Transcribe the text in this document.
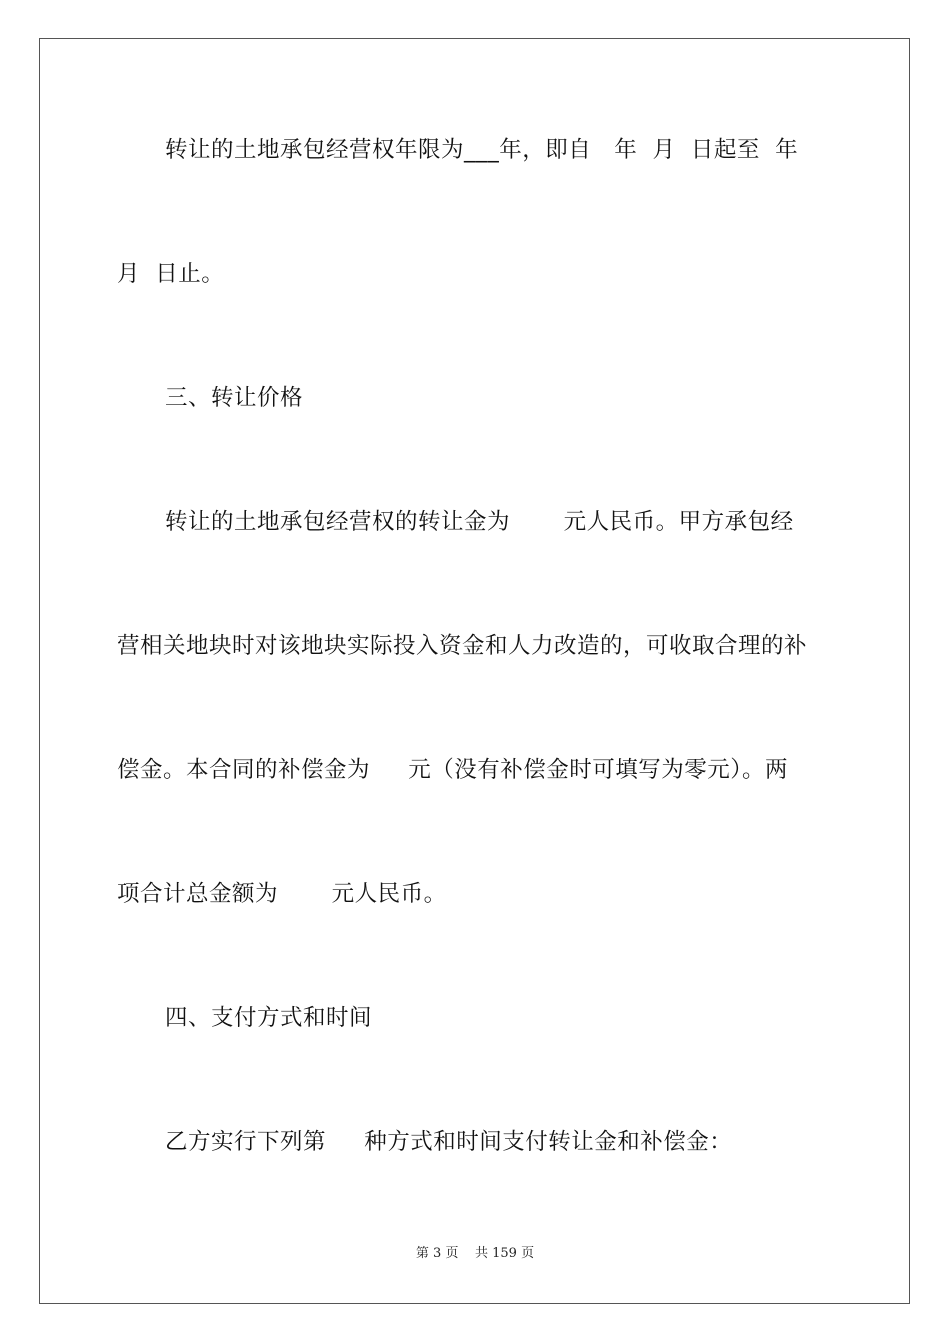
转让的土地承包经营权年限为___年，即自   年  月  日起至  年
月  日止。
三、转让价格
转让的土地承包经营权的转让金为       元人民币。甲方承包经
营相关地块时对该地块实际投入资金和人力改造的，可收取合理的补
偿金。本合同的补偿金为     元（没有补偿金时可填写为零元）。两
项合计总金额为       元人民币。
四、支付方式和时间
乙方实行下列第     种方式和时间支付转让金和补偿金：
第 3 页    共 159 页
